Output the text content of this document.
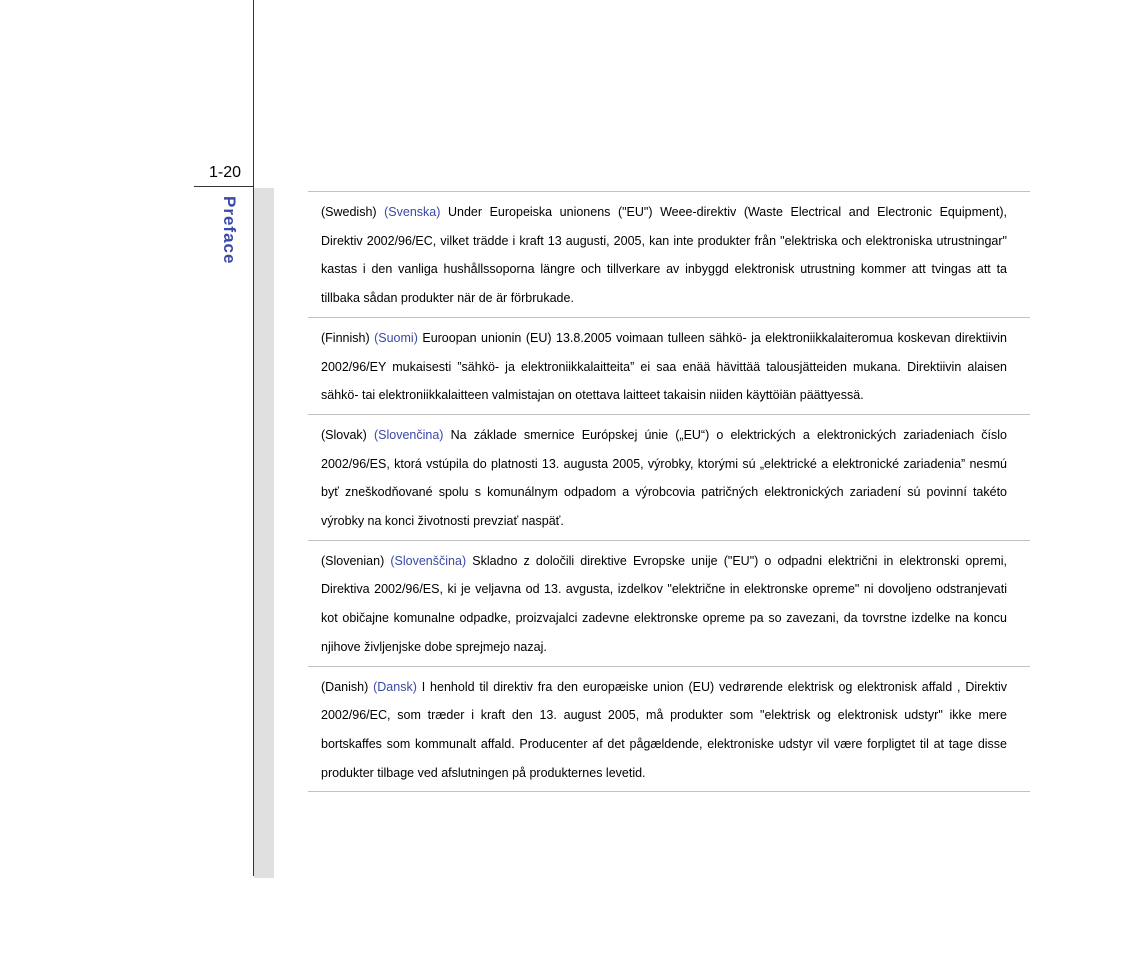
1-20
Preface	(Swedish) (Svenska) Under Europeiska unionens ("EU") Weee-direktiv (Waste Electrical and Electronic Equipment), Direktiv 2002/96/EC, vilket trädde i kraft 13 augusti, 2005, kan inte produkter från "elektriska och elektroniska utrustningar" kastas i den vanliga hushållssoporna längre och tillverkare av inbyggd elektronisk utrustning kommer att tvingas att ta tillbaka sådan produkter när de är förbrukade.

(Finnish) (Suomi) Euroopan unionin (EU) 13.8.2005 voimaan tulleen sähkö- ja elektroniikkalaiteromua koskevan direktiivin 2002/96/EY mukaisesti ”sähkö- ja elektroniikkalaitteita” ei saa enää hävittää talousjätteiden mukana. Direktiivin alaisen sähkö- tai elektroniikkalaitteen valmistajan on otettava laitteet takaisin niiden käyttöiän päättyessä.

(Slovak) (Slovenčina) Na základe smernice Európskej únie („EU“) o elektrických a elektronických zariadeniach číslo 2002/96/ES, ktorá vstúpila do platnosti 13. augusta 2005, výrobky, ktorými sú „elektrické a elektronické zariadenia” nesmú byť zneškodňované spolu s komunálnym odpadom a výrobcovia patričných elektronických zariadení sú povinní takéto výrobky na konci životnosti prevziať naspäť.

(Slovenian) (Slovenščina) Skladno z določili direktive Evropske unije ("EU") o odpadni električni in elektronski opremi, Direktiva 2002/96/ES, ki je veljavna od 13. avgusta, izdelkov "električne in elektronske opreme" ni dovoljeno odstranjevati kot običajne komunalne odpadke, proizvajalci zadevne elektronske opreme pa so zavezani, da tovrstne izdelke na koncu njihove življenjske dobe sprejmejo nazaj.

(Danish) (Dansk) I henhold til direktiv fra den europæiske union (EU) vedrørende elektrisk og elektronisk affald , Direktiv 2002/96/EC, som træder i kraft den 13. august 2005, må produkter som "elektrisk og elektronisk udstyr" ikke mere bortskaffes som kommunalt affald. Producenter af det pågældende, elektroniske udstyr vil være forpligtet til at tage disse produkter tilbage ved afslutningen på produkternes levetid.
